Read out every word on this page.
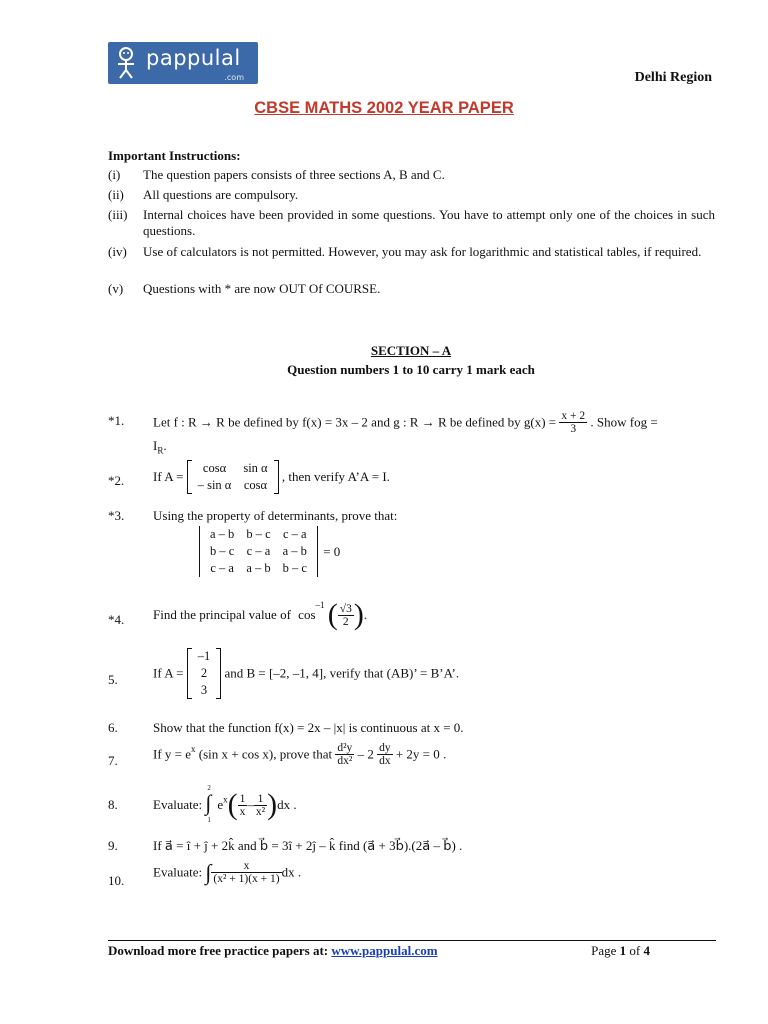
pappulal
.com	Delhi Region
CBSE MATHS 2002 YEAR PAPER
Important Instructions:
(i) The question papers consists of three sections A, B and C.
(ii) All questions are compulsory.
(iii) Internal choices have been provided in some questions. You have to attempt only one of the choices in such questions.
(iv) Use of calculators is not permitted. However, you may ask for logarithmic and statistical tables, if required.
(v) Questions with * are now OUT Of COURSE.
SECTION – A
Question numbers 1 to 10 carry 1 mark each
*1. Let f : R → R be defined by f(x) = 3x – 2 and g : R → R be defined by $g(x) = \frac{x + 2}{3}$ . Show fog =
$I_R$.
*2. If A =
cosα	sin α
– sin α	cosα
, then verify A’A = I.
*3. Using the property of determinants, prove that:
a – b	b – c	c – a
b – c	c – a	a – b
c – a	a – b	b – c
= 0
*4. Find the principal value of $\cos^{-1}$ ( $\frac{√3}{2}$ ).
5.	If A =
–1
2
3
and B = [–2, –1, 4], verify that (AB)’ = B’A’.
6.	Show that the function f(x) = 2x – |x| is continuous at x = 0.
7.	If $y = e^x$ (sin x + cos x), prove that $\frac{\text{d²y}}{\text{dx²}} - 2 \frac{dy}{dx} + 2y = 0$ .
8.	Evaluate:
2
∫
1
$e^x( \frac{1}{x} - \frac{1}{\text{x²}} )dx$ .
9.	If a⃗ = î + ĵ + 2k̂ and b⃗ = 3î + 2ĵ – k̂ find (a⃗ + 3b⃗).(2a⃗ – b⃗) .
10.
Evaluate: ∫ $\frac{x}{\text{(x² + 1)(x + 1)}}$ dx .
Download more free practice papers at: www.pappulal.com	Page 1 of 4
